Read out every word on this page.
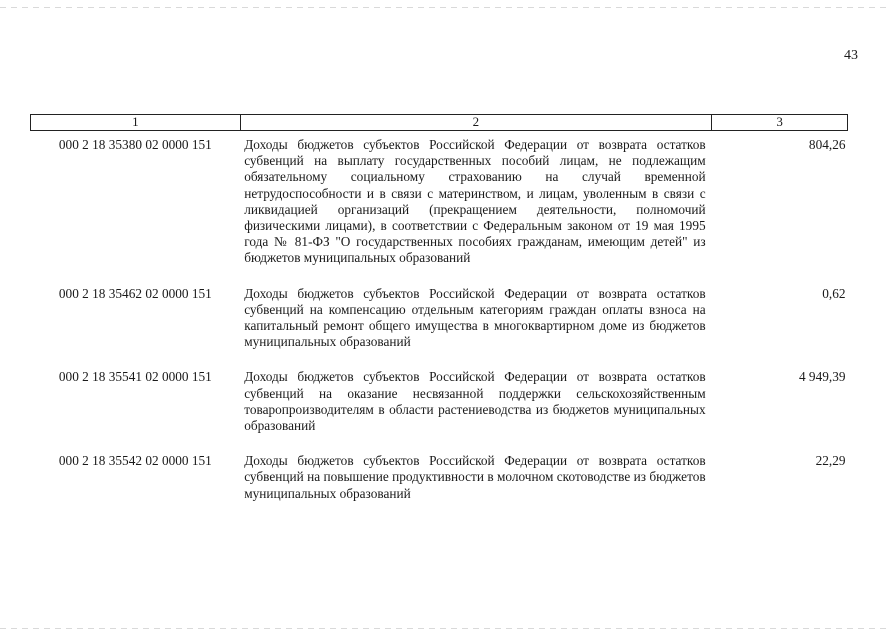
43
1	2	3
000 2 18 35380 02 0000 151	Доходы бюджетов субъектов Российской Федерации от возврата остатков субвенций на выплату государственных пособий лицам, не подлежащим обязательному социальному страхованию на случай временной нетрудоспособности и в связи с материнством, и лицам, уволенным в связи с ликвидацией организаций (прекращением деятельности, полномочий физическими лицами), в соответствии с Федеральным законом от 19 мая 1995 года № 81-ФЗ "О государственных пособиях гражданам, имеющим детей" из бюджетов муниципальных образований	804,26
000 2 18 35462 02 0000 151	Доходы бюджетов субъектов Российской Федерации от возврата остатков субвенций на компенсацию отдельным категориям граждан оплаты взноса на капитальный ремонт общего имущества в многоквартирном доме из бюджетов муниципальных образований	0,62
000 2 18 35541 02 0000 151	Доходы бюджетов субъектов Российской Федерации от возврата остатков субвенций на оказание несвязанной поддержки сельскохозяйственным товаропроизводителям в области растениеводства из бюджетов муниципальных образований	4 949,39
000 2 18 35542 02 0000 151	Доходы бюджетов субъектов Российской Федерации от возврата остатков субвенций на повышение продуктивности в молочном скотоводстве из бюджетов муниципальных образований	22,29
